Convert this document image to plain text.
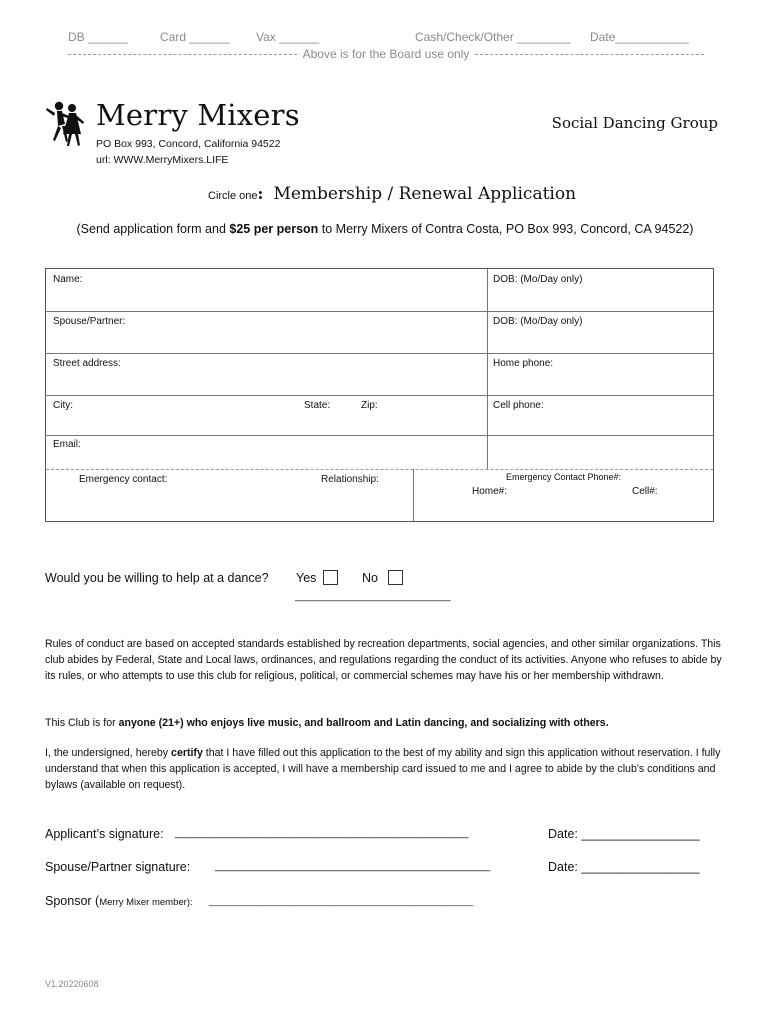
DB ______	Card ______ Vax ______	Cash/Check/Other ________ Date___________
Above is for the Board use only
Merry Mixers	Social Dancing Group
PO Box 993, Concord, California 94522
url: WWW.MerryMixers.LIFE
Circle one : Membership / Renewal Application
(Send application form and $25 per person to Merry Mixers of Contra Costa, PO Box 993, Concord, CA 94522)
Name:	DOB: (Mo/Day only)
Spouse/Partner:	DOB: (Mo/Day only)
Street address:	Home phone:
City:	State:	Zip:	Cell phone:
Email:
Emergency contact:	Relationship:	Emergency Contact Phone#:
Home#:	Cell#:
Would you be willing to help at a dance? Yes	No
____________________________
Rules of conduct are based on accepted standards established by recreation departments, social agencies, and other similar organizations. This club abides by Federal, State and Local laws, ordinances, and regulations regarding the conduct of its activities. Anyone who refuses to abide by its rules, or who attempts to use this club for religious, political, or commercial schemes may have his or her membership withdrawn.
This Club is for anyone (21+) who enjoys live music, and ballroom and Latin dancing, and socializing with others.
I, the undersigned, hereby certify that I have filled out this application to the best of my ability and sign this application without reservation. I fully understand that when this application is accepted, I will have a membership card issued to me and I agree to abide by the club's conditions and bylaws (available on request).
Applicant’s signature: ________________________________________________	Date: _________________
Spouse/Partner signature: _____________________________________________	Date: _________________
Sponsor (Merry Mixer member): __________________________________________________
V1.20220608
